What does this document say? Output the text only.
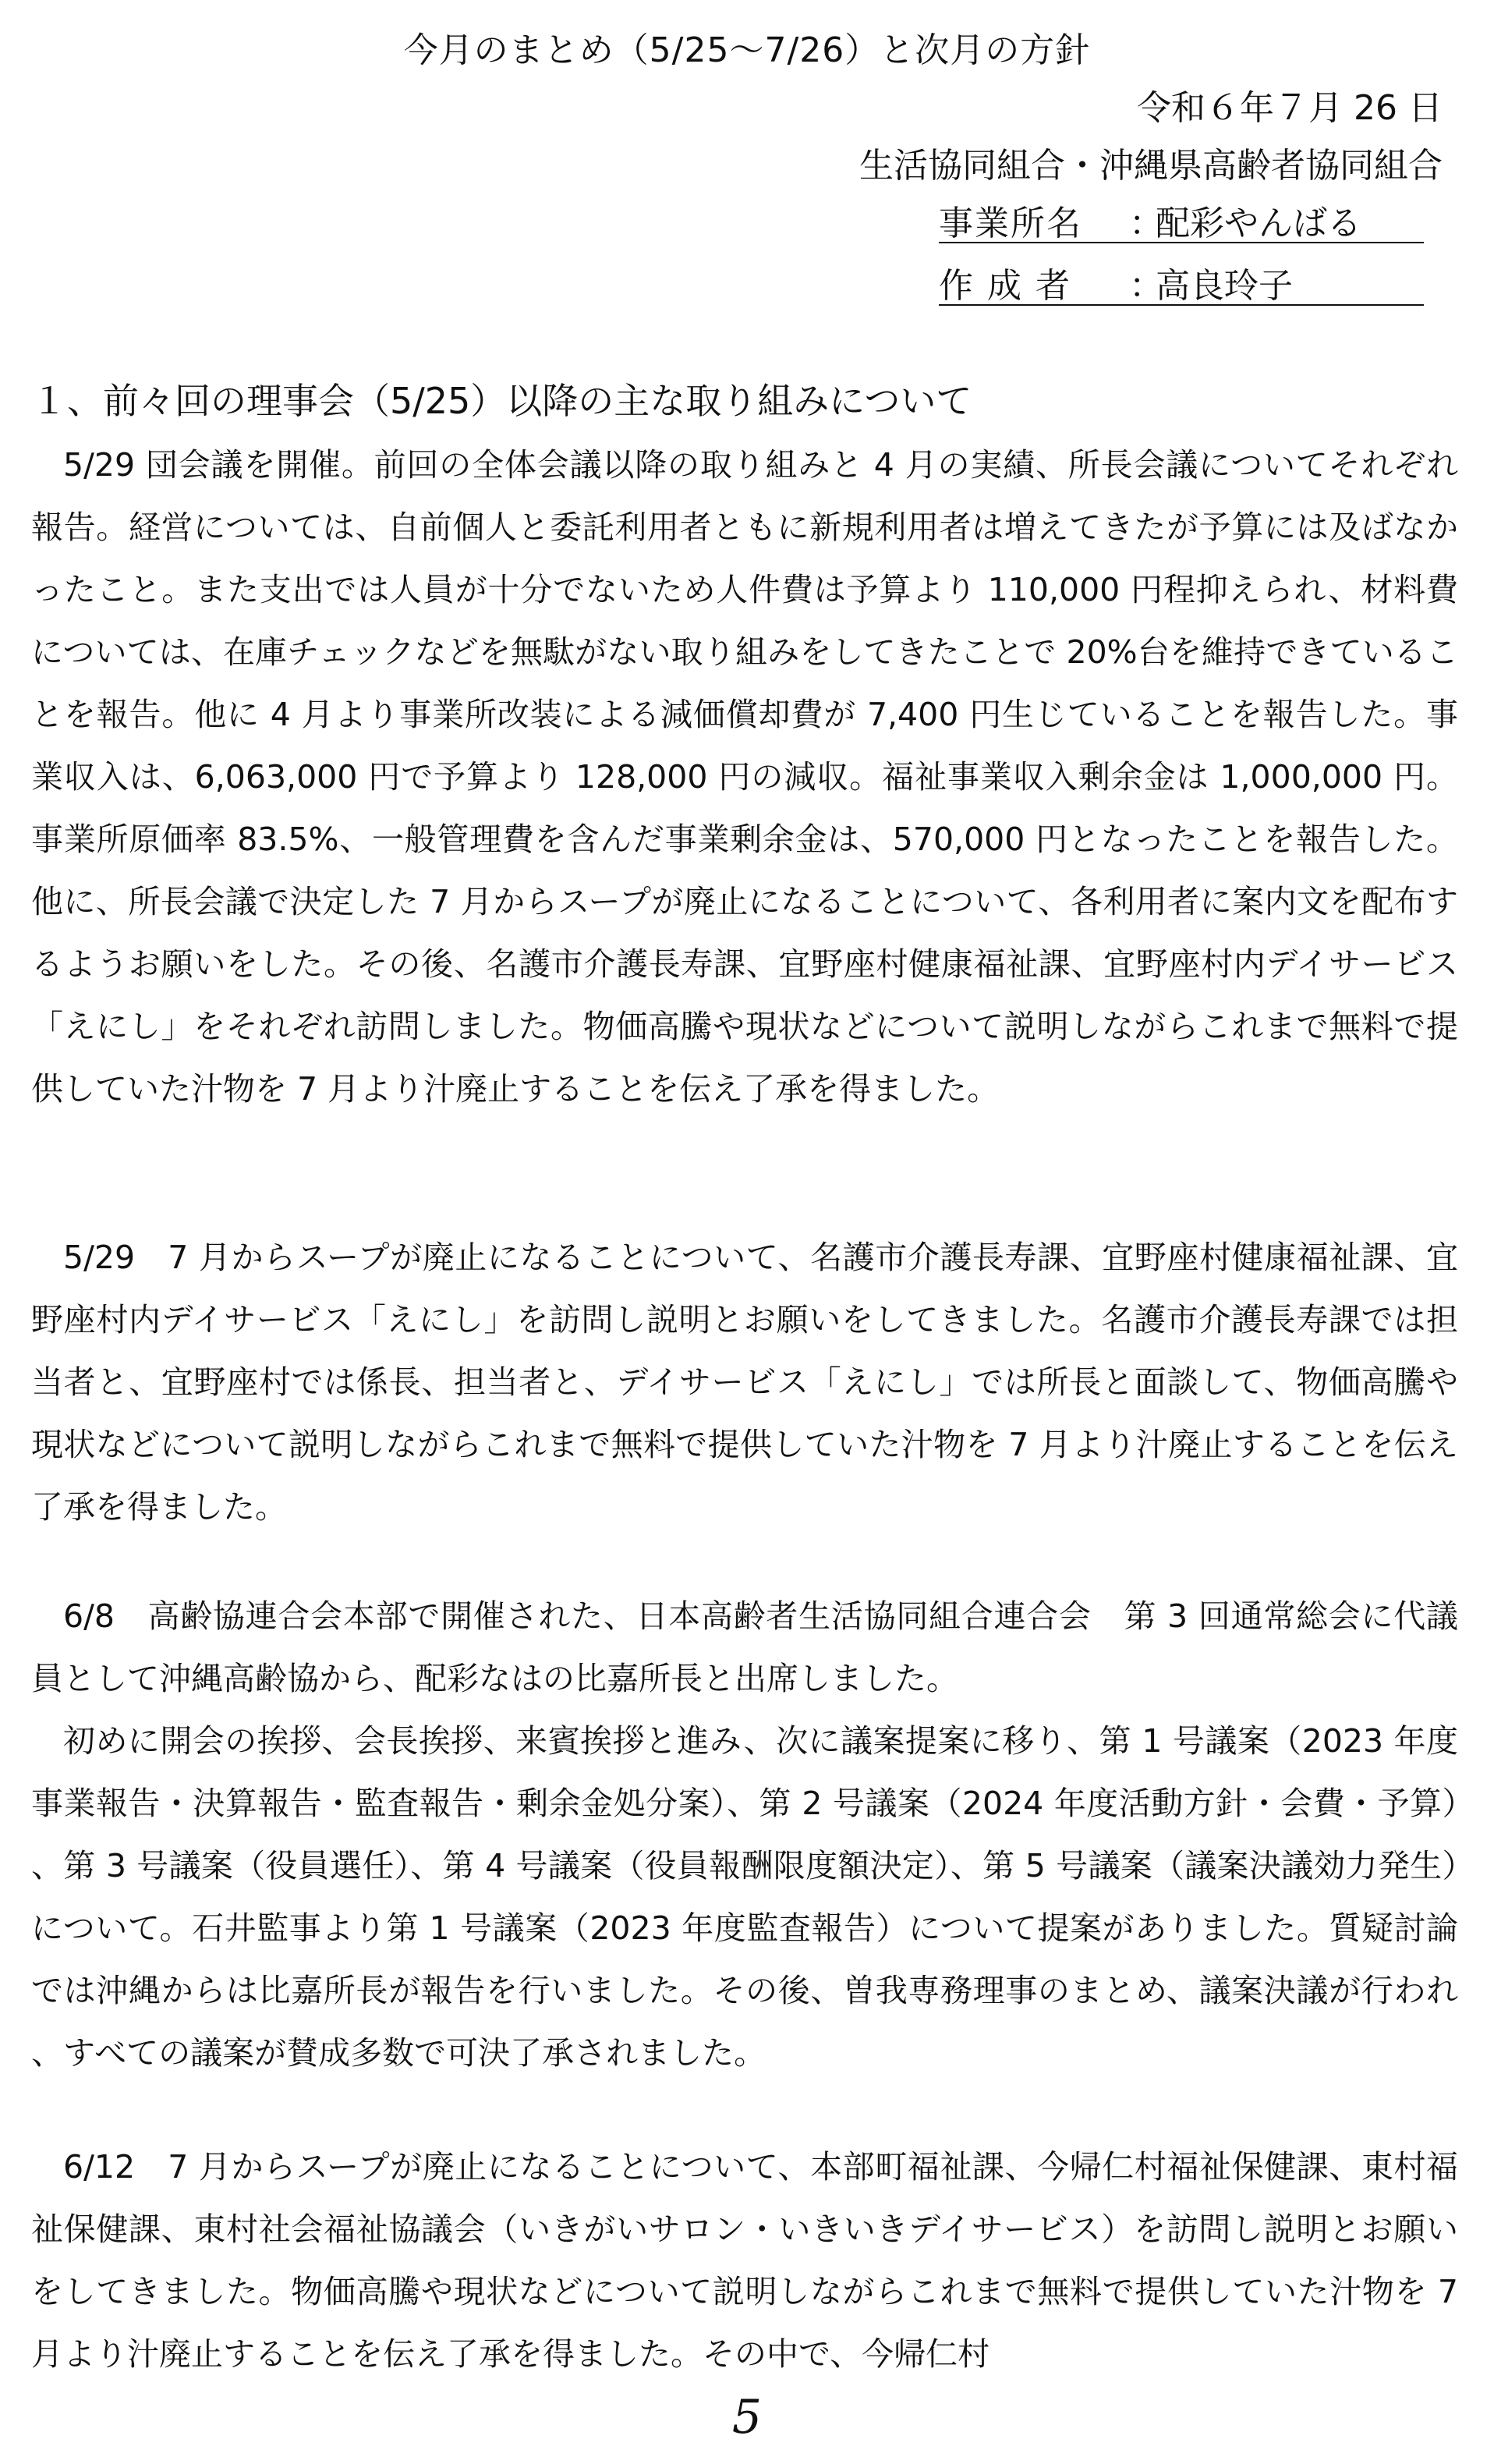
今月のまとめ（5/25～7/26）と次月の方針
令和６年７月 26 日
生活協同組合・沖縄県高齢者協同組合
事業所名 ：配彩やんばる
作 成 者 ：高良玲子
１、前々回の理事会（5/25）以降の主な取り組みについて

5/29 団会議を開催。前回の全体会議以降の取り組みと 4 月の実績、所長会議についてそれぞれ報告。経営については、自前個人と委託利用者ともに新規利用者は増えてきたが予算には及ばなかったこと。また支出では人員が十分でないため人件費は予算より 110,000 円程抑えられ、材料費については、在庫チェックなどを無駄がない取り組みをしてきたことで 20%台を維持できていることを報告。他に 4 月より事業所改装による減価償却費が 7,400 円生じていることを報告した。事業収入は、6,063,000 円で予算より 128,000 円の減収。福祉事業収入剰余金は 1,000,000 円。事業所原価率 83.5%、一般管理費を含んだ事業剰余金は、570,000 円となったことを報告した。他に、所長会議で決定した 7 月からスープが廃止になることについて、各利用者に案内文を配布するようお願いをした。その後、名護市介護長寿課、宜野座村健康福祉課、宜野座村内デイサービス「えにし」をそれぞれ訪問しました。物価高騰や現状などについて説明しながらこれまで無料で提供していた汁物を 7 月より汁廃止することを伝え了承を得ました。

5/29　7 月からスープが廃止になることについて、名護市介護長寿課、宜野座村健康福祉課、宜野座村内デイサービス「えにし」を訪問し説明とお願いをしてきました。名護市介護長寿課では担当者と、宜野座村では係長、担当者と、デイサービス「えにし」では所長と面談して、物価高騰や現状などについて説明しながらこれまで無料で提供していた汁物を 7 月より汁廃止することを伝え了承を得ました。

6/8　高齢協連合会本部で開催された、日本高齢者生活協同組合連合会　第 3 回通常総会に代議員として沖縄高齢協から、配彩なはの比嘉所長と出席しました。

初めに開会の挨拶、会長挨拶、来賓挨拶と進み、次に議案提案に移り、第 1 号議案（2023 年度事業報告・決算報告・監査報告・剰余金処分案）、第 2 号議案（2024 年度活動方針・会費・予算）、第 3 号議案（役員選任）、第 4 号議案（役員報酬限度額決定）、第 5 号議案（議案決議効力発生）について。石井監事より第 1 号議案（2023 年度監査報告）について提案がありました。質疑討論では沖縄からは比嘉所長が報告を行いました。その後、曽我専務理事のまとめ、議案決議が行われ、すべての議案が賛成多数で可決了承されました。

6/12　7 月からスープが廃止になることについて、本部町福祉課、今帰仁村福祉保健課、東村福祉保健課、東村社会福祉協議会（いきがいサロン・いきいきデイサービス）を訪問し説明とお願いをしてきました。物価高騰や現状などについて説明しながらこれまで無料で提供していた汁物を 7 月より汁廃止することを伝え了承を得ました。その中で、今帰仁村

5
